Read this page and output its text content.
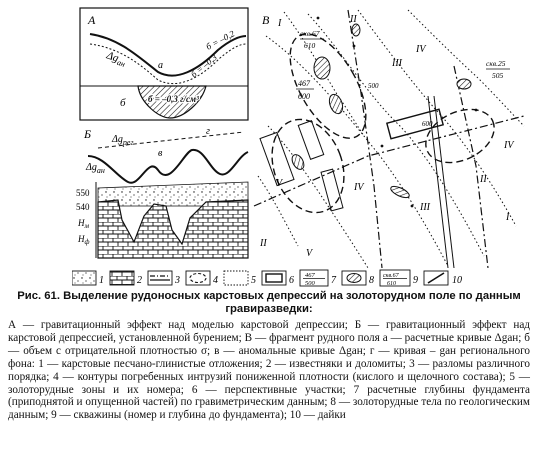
А
$\Delta g_{ан}$	а
б = –0,2
б = –0,3
б б = –0,3 г/см³
Б $\Delta g_{рег}$
г
$\Delta g_{ан}$
в
550
540
$Н_м$
$Н_ф$
В I	II
III
IV
V	IV
III
II
I
II
V
IV
скв.67
610
467
600
скв.25
505
500
600
1	2	3	4	5	6 467
500 7	8 скв.67
610 9	10
Рис. 61. Выделение рудоносных карстовых депрессий на золоторудном поле по данным гравиразведки:

А — гравитационный эффект над моделью карстовой депрессии; Б — гравитационный эффект над карстовой депрессией, установленной бурением; В — фрагмент рудного поля а — расчетные кривые Δgан; б — объем с отрицательной плотностью σ; в — аномальные кривые Δgан; г — кривая – gан регионального фона: 1 — карстовые песчано-глинистые отложения; 2 — известняки и доломиты; 3 — разломы различного порядка; 4 — контуры погребенных интрузий пониженной плотности (кислого и щелочного состава); 5 — золоторудные зоны и их номера; 6 — перспективные участки; 7 расчетные глубины фундамента (приподнятой и опущенной частей) по гравиметрическим данным; 8 — золоторудные тела по геологическим данным; 9 — скважины (номер и глубина до фундамента); 10 — дайки
